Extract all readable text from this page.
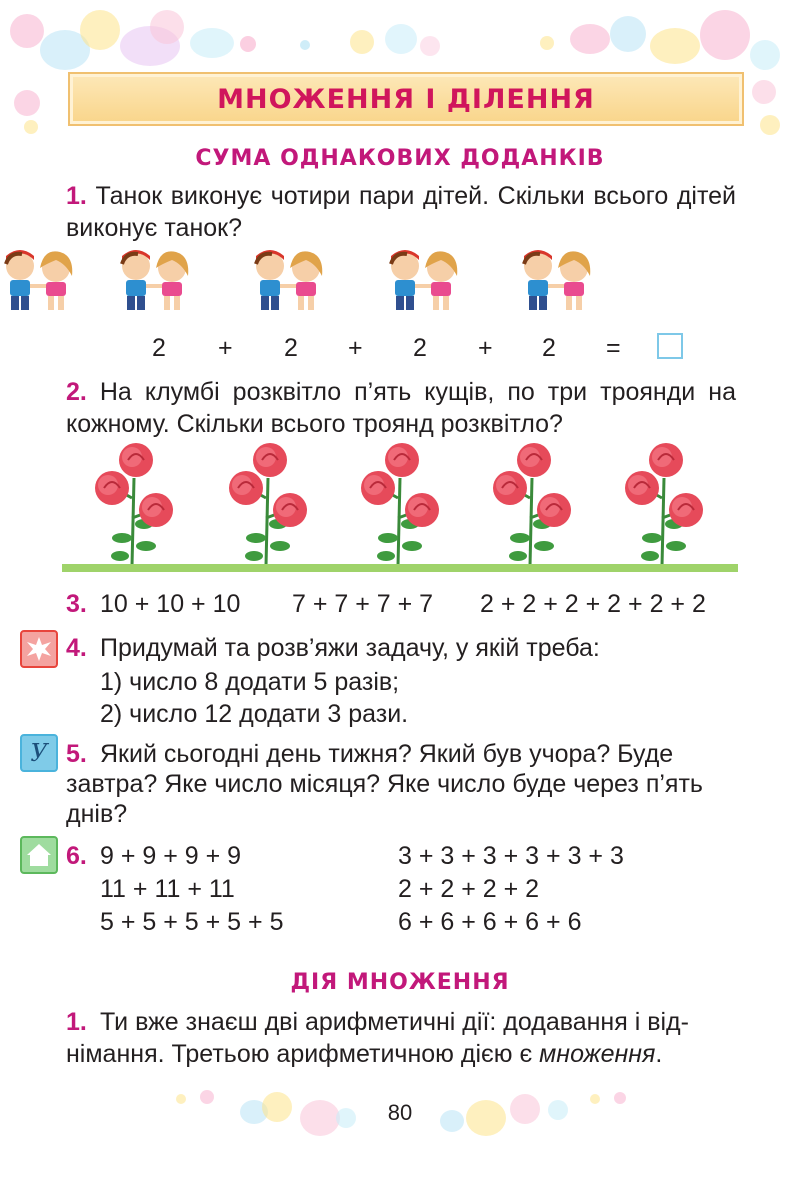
МНОЖЕННЯ І ДІЛЕННЯ
СУМА ОДНАКОВИХ ДОДАНКІВ
1. Танок виконує чотири пари дітей. Скільки всього дітей виконує танок?
2 + 2 + 2 + 2 =
2. На клумбі розквітло п’ять кущів, по три троянди на кожному. Скільки всього троянд розквітло?
3. 10 + 10 + 10 7 + 7 + 7 + 7 2 + 2 + 2 + 2 + 2 + 2
4. Придумай та розв’яжи задачу, у якій треба:
1) число 8 додати 5 разів;
2) число 12 додати 3 рази.
У 5. Який сьогодні день тижня? Який був учора? Буде
завтра? Яке число місяця? Яке число буде через п’ять
днів?
6. 9 + 9 + 9 + 9
11 + 11 + 11
5 + 5 + 5 + 5 + 5
3 + 3 + 3 + 3 + 3 + 3
2 + 2 + 2 + 2
6 + 6 + 6 + 6 + 6
ДІЯ МНОЖЕННЯ
1. Ти вже знаєш дві арифметичні дії: додавання і від-
німання. Третьою арифметичною дією є множення.
80
